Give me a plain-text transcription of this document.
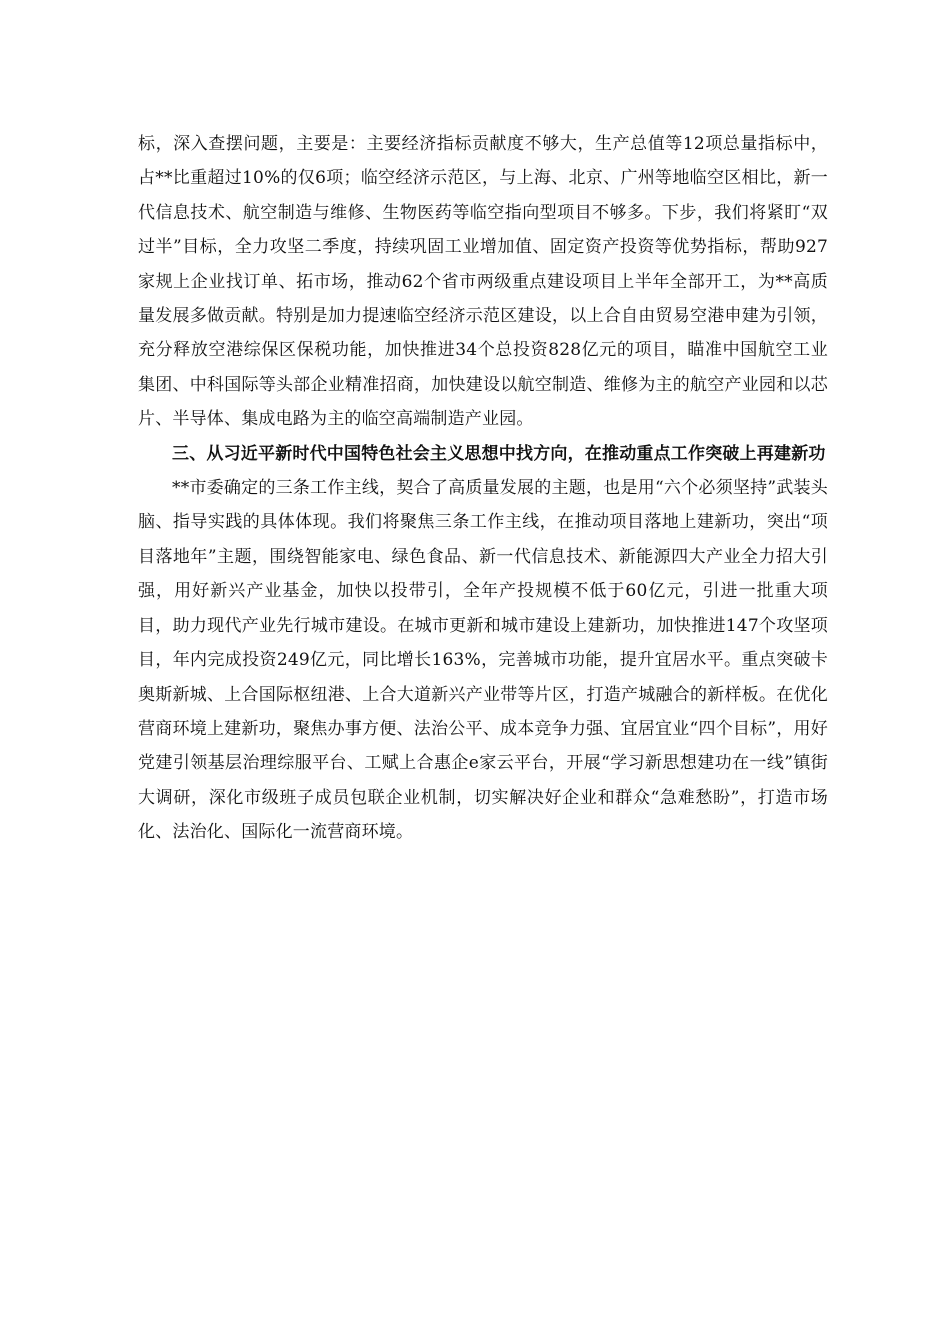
标，深入查摆问题，主要是：主要经济指标贡献度不够大，生产总值等12项总量指标中，占**比重超过10%的仅6项；临空经济示范区，与上海、北京、广州等地临空区相比，新一代信息技术、航空制造与维修、生物医药等临空指向型项目不够多。下步，我们将紧盯“双过半”目标，全力攻坚二季度，持续巩固工业增加值、固定资产投资等优势指标，帮助927家规上企业找订单、拓市场，推动62个省市两级重点建设项目上半年全部开工，为**高质量发展多做贡献。特别是加力提速临空经济示范区建设，以上合自由贸易空港申建为引领，充分释放空港综保区保税功能，加快推进34个总投资828亿元的项目，瞄准中国航空工业集团、中科国际等头部企业精准招商，加快建设以航空制造、维修为主的航空产业园和以芯片、半导体、集成电路为主的临空高端制造产业园。

三、从习近平新时代中国特色社会主义思想中找方向，在推动重点工作突破上再建新功

**市委确定的三条工作主线，契合了高质量发展的主题，也是用“六个必须坚持”武装头脑、指导实践的具体体现。我们将聚焦三条工作主线，在推动项目落地上建新功，突出“项目落地年”主题，围绕智能家电、绿色食品、新一代信息技术、新能源四大产业全力招大引强，用好新兴产业基金，加快以投带引，全年产投规模不低于60亿元，引进一批重大项目，助力现代产业先行城市建设。在城市更新和城市建设上建新功，加快推进147个攻坚项目，年内完成投资249亿元，同比增长163%，完善城市功能，提升宜居水平。重点突破卡奥斯新城、上合国际枢纽港、上合大道新兴产业带等片区，打造产城融合的新样板。在优化营商环境上建新功，聚焦办事方便、法治公平、成本竞争力强、宜居宜业“四个目标”，用好党建引领基层治理综服平台、工赋上合惠企e家云平台，开展“学习新思想建功在一线”镇街大调研，深化市级班子成员包联企业机制，切实解决好企业和群众“急难愁盼”，打造市场化、法治化、国际化一流营商环境。
